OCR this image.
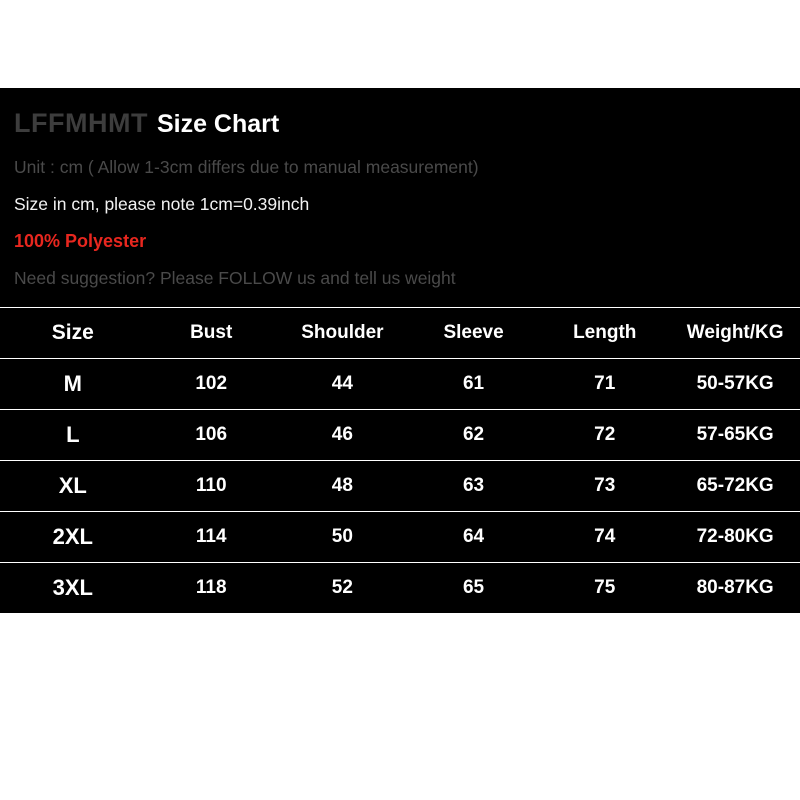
LFFMHMT Size Chart
Unit : cm ( Allow 1-3cm differs due to manual measurement)
Size in cm, please note 1cm=0.39inch
100% Polyester
Need suggestion? Please FOLLOW us and tell us weight
Size	Bust	Shoulder	Sleeve	Length	Weight/KG
M	102	44	61	71	50-57KG
L	106	46	62	72	57-65KG
XL	110	48	63	73	65-72KG
2XL	114	50	64	74	72-80KG
3XL	118	52	65	75	80-87KG
